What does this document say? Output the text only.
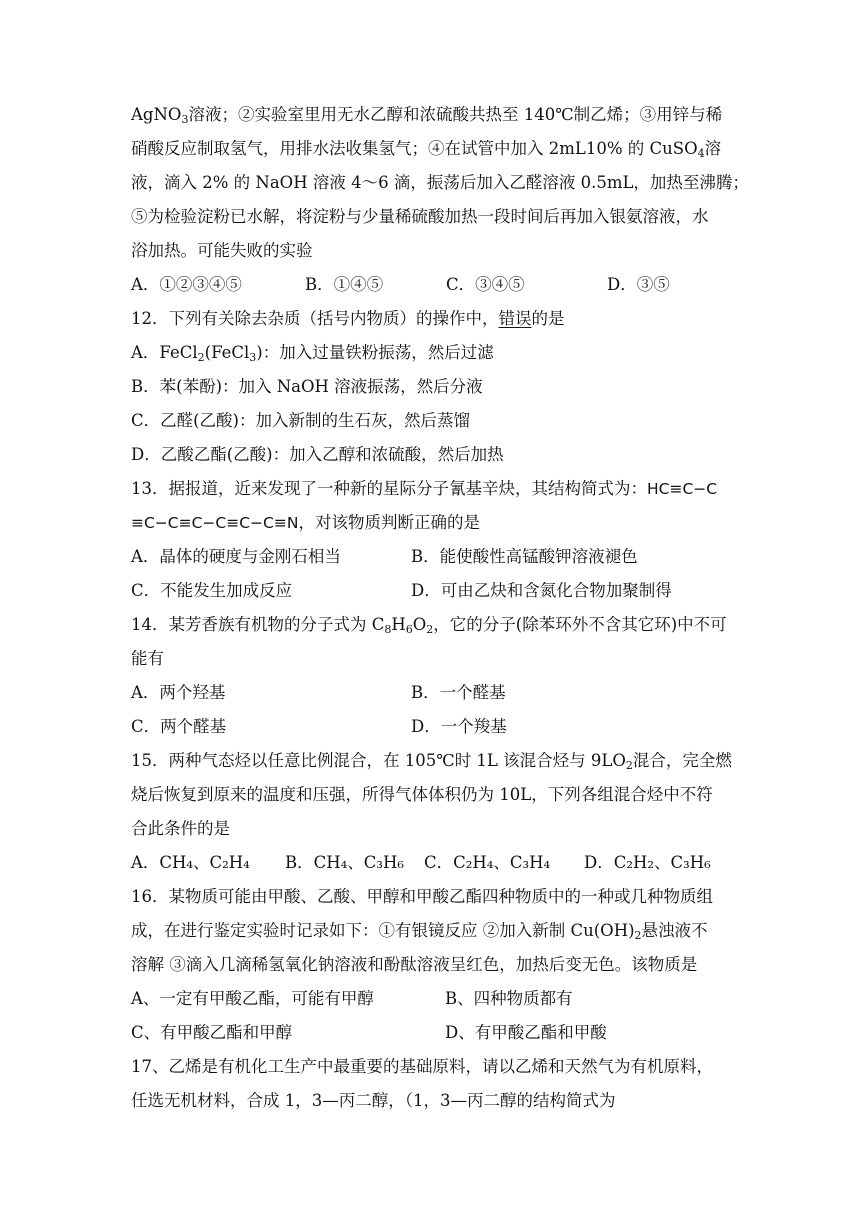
AgNO$_3$溶液；②实验室里用无水乙醇和浓硫酸共热至 140℃制乙烯；③用锌与稀
硝酸反应制取氢气，用排水法收集氢气；④在试管中加入 2mL10% 的 CuSO$_4$溶
液，滴入 2% 的 NaOH 溶液 4～6 滴，振荡后加入乙醛溶液 0.5mL，加热至沸腾；
⑤为检验淀粉已水解，将淀粉与少量稀硫酸加热一段时间后再加入银氨溶液，水
浴加热。可能失败的实验
A．①②③④⑤	B．①④⑤	C．③④⑤	D．③⑤
12．下列有关除去杂质（括号内物质）的操作中，错误的是
A．FeCl$_2$(FeCl$_3$)：加入过量铁粉振荡，然后过滤
B．苯(苯酚)：加入 NaOH 溶液振荡，然后分液
C．乙醛(乙酸)：加入新制的生石灰，然后蒸馏
D．乙酸乙酯(乙酸)：加入乙醇和浓硫酸，然后加热
13．据报道，近来发现了一种新的星际分子氰基辛炔，其结构简式为：HC≡C−C
≡C−C≡C−C≡C−C≡N，对该物质判断正确的是
A．晶体的硬度与金刚石相当	B．能使酸性高锰酸钾溶液褪色
C．不能发生加成反应	D．可由乙炔和含氮化合物加聚制得
14．某芳香族有机物的分子式为 $C_8H_6O_2$，它的分子(除苯环外不含其它环)中不可
能有
A．两个羟基	B．一个醛基
C．两个醛基	D．一个羧基
15．两种气态烃以任意比例混合，在 105℃时 1L 该混合烃与 $9LO_2$混合，完全燃
烧后恢复到原来的温度和压强，所得气体体积仍为 10L，下列各组混合烃中不符
合此条件的是
A．CH₄、C₂H₄ B．CH₄、C₃H₆ C．C₂H₄、C₃H₄ D．C₂H₂、C₃H₆
16．某物质可能由甲酸、乙酸、甲醇和甲酸乙酯四种物质中的一种或几种物质组
成，在进行鉴定实验时记录如下：①有银镜反应 ②加入新制 $Cu(OH)_2$悬浊液不
溶解 ③滴入几滴稀氢氧化钠溶液和酚酞溶液呈红色，加热后变无色。该物质是
A、一定有甲酸乙酯，可能有甲醇	B、四种物质都有
C、有甲酸乙酯和甲醇	D、有甲酸乙酯和甲酸
17、乙烯是有机化工生产中最重要的基础原料，请以乙烯和天然气为有机原料，
任选无机材料，合成 1，3—丙二醇，（1，3—丙二醇的结构简式为
